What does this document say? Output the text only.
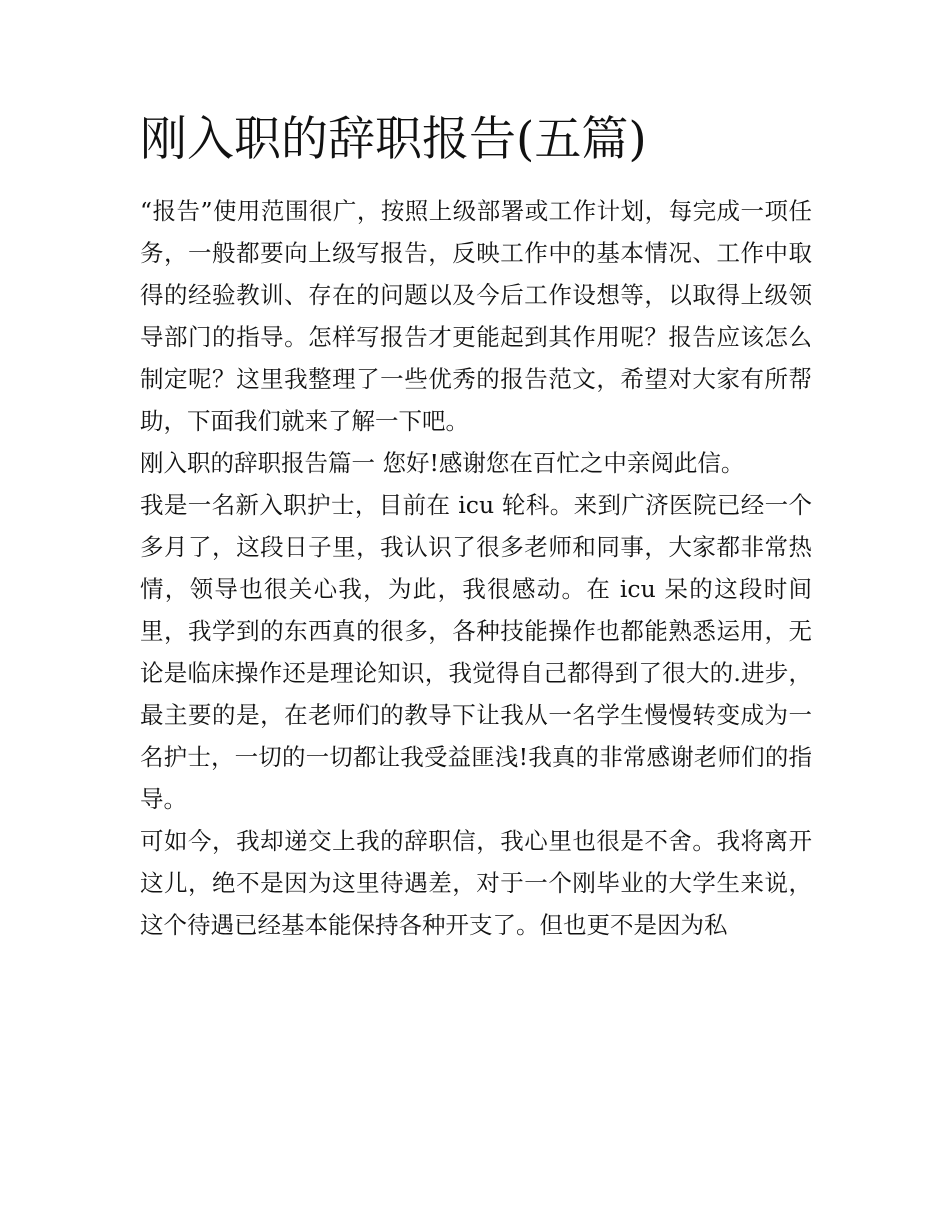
刚入职的辞职报告(五篇)

“报告”使用范围很广，按照上级部署或工作计划，每完成一项任务，一般都要向上级写报告，反映工作中的基本情况、工作中取得的经验教训、存在的问题以及今后工作设想等，以取得上级领导部门的指导。怎样写报告才更能起到其作用呢？报告应该怎么制定呢？这里我整理了一些优秀的报告范文，希望对大家有所帮助，下面我们就来了解一下吧。

刚入职的辞职报告篇一 您好!感谢您在百忙之中亲阅此信。

我是一名新入职护士，目前在 icu 轮科。来到广济医院已经一个多月了，这段日子里，我认识了很多老师和同事，大家都非常热情，领导也很关心我，为此，我很感动。在 icu 呆的这段时间里，我学到的东西真的很多，各种技能操作也都能熟悉运用，无论是临床操作还是理论知识，我觉得自己都得到了很大的.进步，最主要的是，在老师们的教导下让我从一名学生慢慢转变成为一名护士，一切的一切都让我受益匪浅!我真的非常感谢老师们的指导。

可如今，我却递交上我的辞职信，我心里也很是不舍。我将离开这儿，绝不是因为这里待遇差，对于一个刚毕业的大学生来说，这个待遇已经基本能保持各种开支了。但也更不是因为私
